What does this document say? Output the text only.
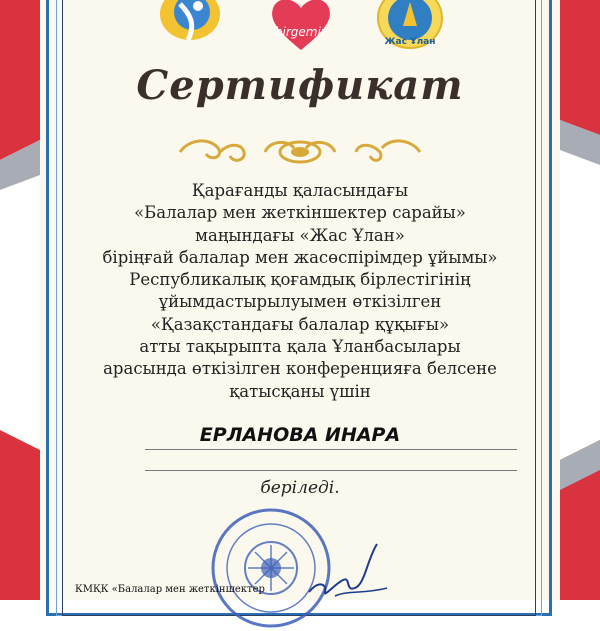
birgemiz
Жас Ұлан
Сертификат
Қарағанды қаласындағы
«Балалар мен жеткіншектер сарайы»
маңындағы «Жас Ұлан»
біріңғай балалар мен жасөспірімдер ұйымы»
Республикалық қоғамдық бірлестігінің
ұйымдастырылуымен өткізілген
«Қазақстандағы балалар құқығы»
атты тақырыпта қала Ұланбасылары
арасында өткізілген конференцияға белсене
қатысқаны үшін
ЕРЛАНОВА ИНАРА
беріледі.
КМҚК «Балалар мен жеткіншектер
